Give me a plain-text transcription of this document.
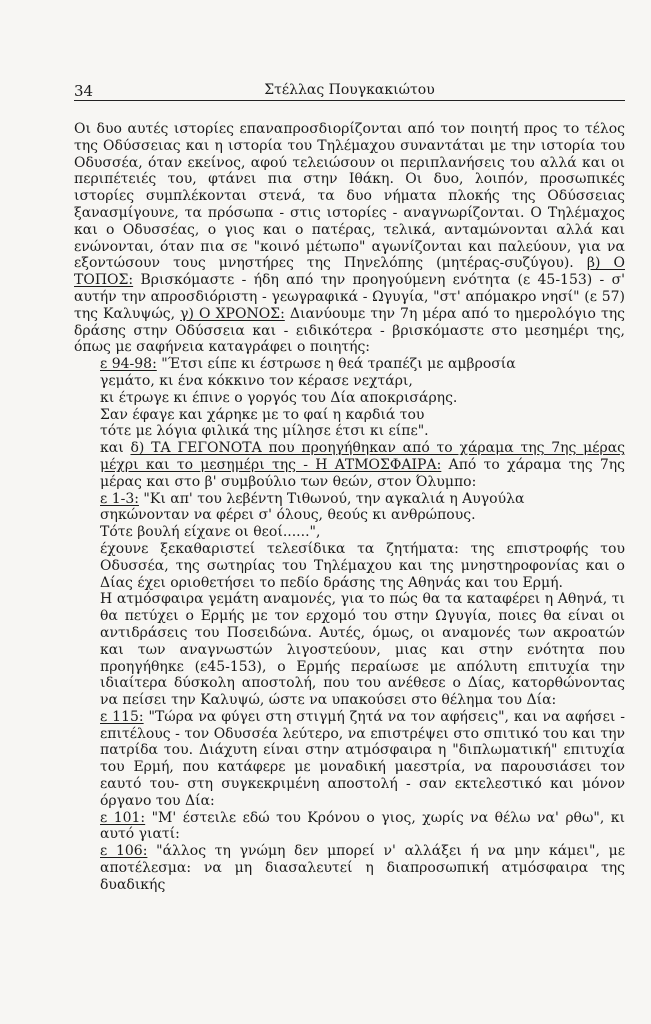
34	Στέλλας Πουγκακιώτου

Οι δυο αυτές ιστορίες επαναπροσδιορίζονται από τον ποιητή προς το τέλος της Οδύσσειας και η ιστορία του Τηλέμαχου συναντάται με την ιστορία του Οδυσσέα, όταν εκείνος, αφού τελειώσουν οι περιπλανήσεις του αλλά και οι περιπέτειές του, φτάνει πια στην Ιθάκη. Οι δυο, λοιπόν, προσωπικές ιστορίες συμπλέκονται στενά, τα δυο νήματα πλοκής της Οδύσσειας ξανασμίγουνε, τα πρόσωπα - στις ιστορίες - αναγνωρίζονται. Ο Τηλέμαχος και ο Οδυσσέας, ο γιος και ο πατέρας, τελικά, ανταμώνονται αλλά και ενώνονται, όταν πια σε "κοινό μέτωπο" αγωνίζονται και παλεύουν, για να εξοντώσουν τους μνηστήρες της Πηνελόπης (μητέρας-συζύγου). β) Ο ΤΟΠΟΣ: Βρισκόμαστε - ήδη από την προηγούμενη ενότητα (ε 45-153) - σ' αυτήν την απροσδιόριστη - γεωγραφικά - Ωγυγία, "στ' απόμακρο νησί" (ε 57) της Καλυψώς, γ) Ο ΧΡΟΝΟΣ: Διανύουμε την 7η μέρα από το ημερολόγιο της δράσης στην Οδύσσεια και - ειδικότερα - βρισκόμαστε στο μεσημέρι της, όπως με σαφήνεια καταγράφει ο ποιητής:

ε 94-98: "Έτσι είπε κι έστρωσε η θεά τραπέζι με αμβροσία
γεμάτο, κι ένα κόκκινο τον κέρασε νεχτάρι,
κι έτρωγε κι έπινε ο γοργός του Δία αποκρισάρης.
Σαν έφαγε και χάρηκε με το φαί η καρδιά του
τότε με λόγια φιλικά της μίλησε έτσι κι είπε".

και δ) ΤΑ ΓΕΓΟΝΟΤΑ που προηγήθηκαν από το χάραμα της 7ης μέρας μέχρι και το μεσημέρι της - Η ΑΤΜΟΣΦΑΙΡΑ: Από το χάραμα της 7ης μέρας και στο β' συμβούλιο των θεών, στον Όλυμπο:

ε 1-3: "Κι απ' του λεβέντη Τιθωνού, την αγκαλιά η Αυγούλα
σηκώνονταν να φέρει σ' όλους, θεούς κι ανθρώπους.
Τότε βουλή είχανε οι θεοί......",

έχουνε ξεκαθαριστεί τελεσίδικα τα ζητήματα: της επιστροφής του Οδυσσέα, της σωτηρίας του Τηλέμαχου και της μνηστηροφονίας και ο Δίας έχει οριοθετήσει το πεδίο δράσης της Αθηνάς και του Ερμή.

Η ατμόσφαιρα γεμάτη αναμονές, για το πώς θα τα καταφέρει η Αθηνά, τι θα πετύχει ο Ερμής με τον ερχομό του στην Ωγυγία, ποιες θα είναι οι αντιδράσεις του Ποσειδώνα. Αυτές, όμως, οι αναμονές των ακροατών και των αναγνωστών λιγοστεύουν, μιας και στην ενότητα που προηγήθηκε (ε45-153), ο Ερμής περαίωσε με απόλυτη επιτυχία την ιδιαίτερα δύσκολη αποστολή, που του ανέθεσε ο Δίας, κατορθώνοντας να πείσει την Καλυψώ, ώστε να υπακούσει στο θέλημα του Δία:

ε 115: "Τώρα να φύγει στη στιγμή ζητά να τον αφήσεις", και να αφήσει - επιτέλους - τον Οδυσσέα λεύτερο, να επιστρέψει στο σπιτικό του και την πατρίδα του. Διάχυτη είναι στην ατμόσφαιρα η "διπλωματική" επιτυχία του Ερμή, που κατάφερε με μοναδική μαεστρία, να παρουσιάσει τον εαυτό του- στη συγκεκριμένη αποστολή - σαν εκτελεστικό και μόνον όργανο του Δία:

ε 101: "Μ' έστειλε εδώ του Κρόνου ο γιος, χωρίς να θέλω να' ρθω", κι αυτό γιατί:

ε 106: "άλλος τη γνώμη δεν μπορεί ν' αλλάξει ή να μην κάμει", με αποτέλεσμα: να μη διασαλευτεί η διαπροσωπική ατμόσφαιρα της δυαδικής
